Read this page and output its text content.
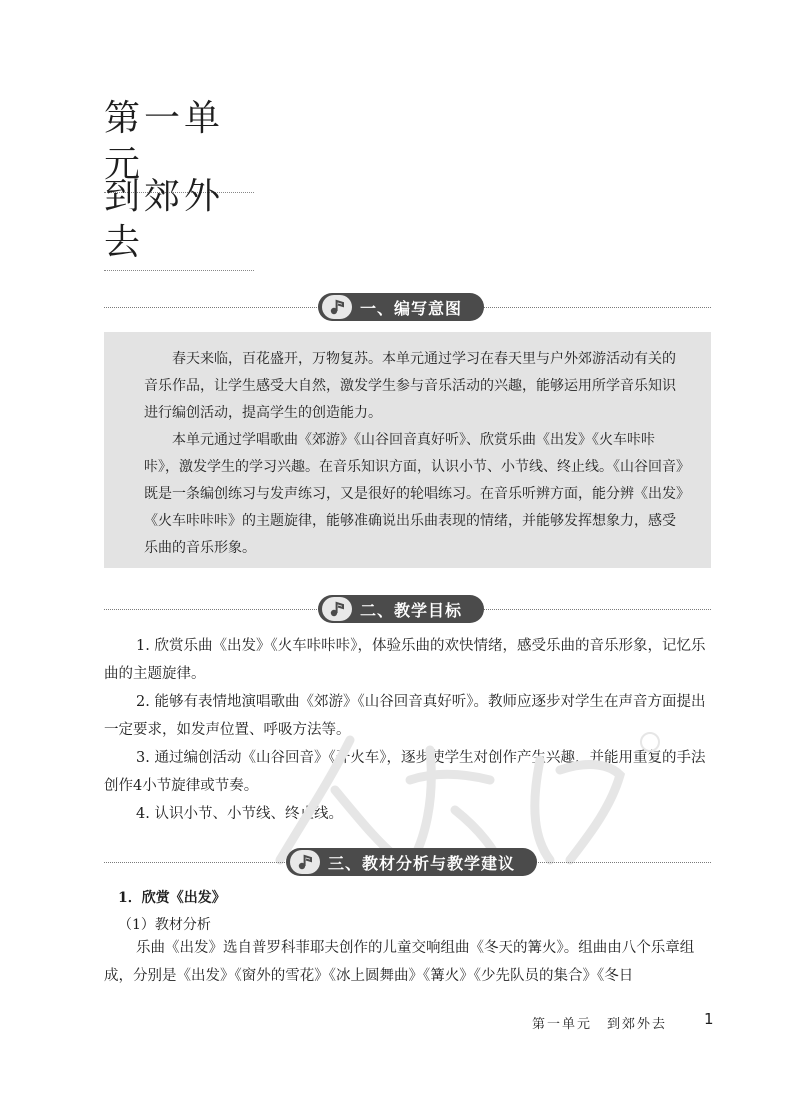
第一单元
到郊外去
一、编写意图

春天来临，百花盛开，万物复苏。本单元通过学习在春天里与户外郊游活动有关的音乐作品，让学生感受大自然，激发学生参与音乐活动的兴趣，能够运用所学音乐知识进行编创活动，提高学生的创造能力。

本单元通过学唱歌曲《郊游》《山谷回音真好听》、欣赏乐曲《出发》《火车咔咔咔》，激发学生的学习兴趣。在音乐知识方面，认识小节、小节线、终止线。《山谷回音》既是一条编创练习与发声练习，又是很好的轮唱练习。在音乐听辨方面，能分辨《出发》《火车咔咔咔》的主题旋律，能够准确说出乐曲表现的情绪，并能够发挥想象力，感受乐曲的音乐形象。

二、教学目标

1. 欣赏乐曲《出发》《火车咔咔咔》，体验乐曲的欢快情绪，感受乐曲的音乐形象，记忆乐曲的主题旋律。

2. 能够有表情地演唱歌曲《郊游》《山谷回音真好听》。教师应逐步对学生在声音方面提出一定要求，如发声位置、呼吸方法等。

3. 通过编创活动《山谷回音》《开火车》，逐步使学生对创作产生兴趣，并能用重复的手法创作4小节旋律或节奏。

4. 认识小节、小节线、终止线。

三、教材分析与教学建议
1．欣赏《出发》
（1）教材分析

乐曲《出发》选自普罗科菲耶夫创作的儿童交响组曲《冬天的篝火》。组曲由八个乐章组成，分别是《出发》《窗外的雪花》《冰上圆舞曲》《篝火》《少先队员的集合》《冬日

第一单元　到郊外去 1
